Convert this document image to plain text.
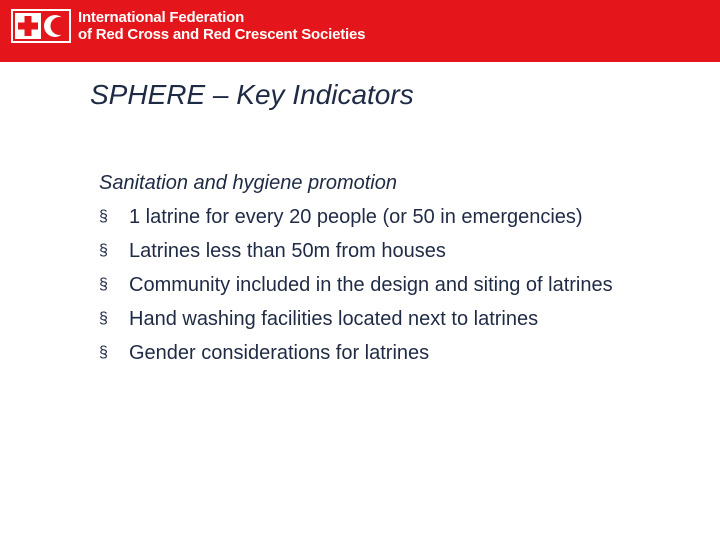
International Federation
of Red Cross and Red Crescent Societies
SPHERE – Key Indicators
Sanitation and hygiene promotion
§ 1 latrine for every 20 people (or 50 in emergencies)
§ Latrines less than 50m from houses
§ Community included in the design and siting of latrines
§ Hand washing facilities located next to latrines
§ Gender considerations for latrines
